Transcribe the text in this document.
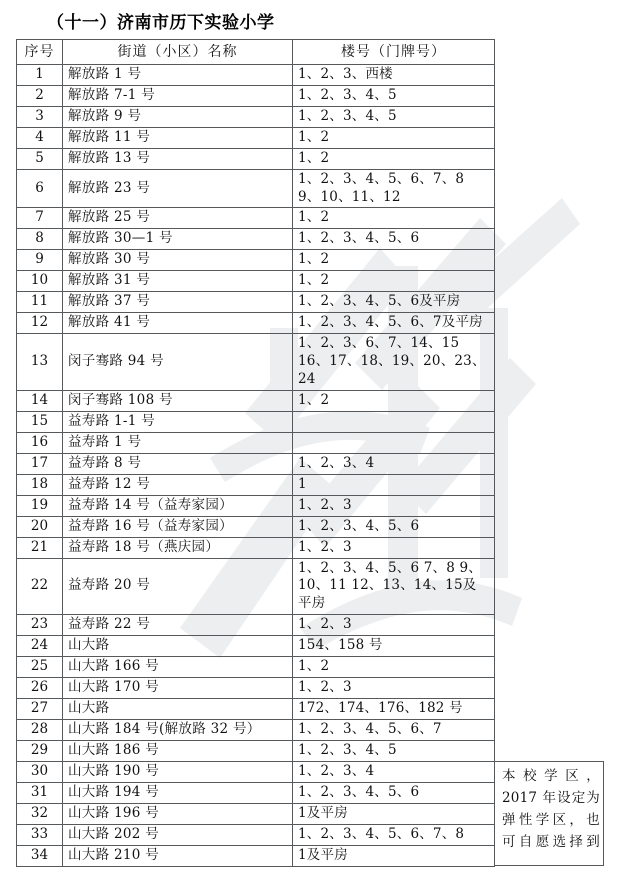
（十一）济南市历下实验小学
序号	街道（小区）名称	楼号（门牌号）
1	解放路 1 号	1、2、3、西楼
2	解放路 7-1 号	1、2、3、4、5
3	解放路 9 号	1、2、3、4、5
4	解放路 11 号	1、2
5	解放路 13 号	1、2
6	解放路 23 号	1、2、3、4、5、6、7、8 9、10、11、12
7	解放路 25 号	1、2
8	解放路 30—1 号	1、2、3、4、5、6
9	解放路 30 号	1、2
10	解放路 31 号	1、2
11	解放路 37 号	1、2、3、4、5、6及平房
12	解放路 41 号	1、2、3、4、5、6、7及平房
13	闵子骞路 94 号	1、2、3、6、7、14、15 16、17、18、19、20、23、 24
14	闵子骞路 108 号	1、2
15	益寿路 1-1 号	
16	益寿路 1 号	
17	益寿路 8 号	1、2、3、4
18	益寿路 12 号	1
19	益寿路 14 号（益寿家园）	1、2、3
20	益寿路 16 号（益寿家园）	1、2、3、4、5、6
21	益寿路 18 号（燕庆园）	1、2、3
22	益寿路 20 号	1、2、3、4、5、6 7、8 9、10、11 12、13、14、15及平房
23	益寿路 22 号	1、2、3
24	山大路	154、158 号
25	山大路 166 号	1、2
26	山大路 170 号	1、2、3
27	山大路	172、174、176、182 号
28	山大路 184 号(解放路 32 号）	1、2、3、4、5、6、7
29	山大路 186 号	1、2、3、4、5
30	山大路 190 号	1、2、3、4
31	山大路 194 号	1、2、3、4、5、6
32	山大路 196 号	1及平房
33	山大路 202 号	1、2、3、4、5、6、7、8
34	山大路 210 号	1及平房
本校学区，
2017 年设定为
弹性学区，也
可自愿选择到
